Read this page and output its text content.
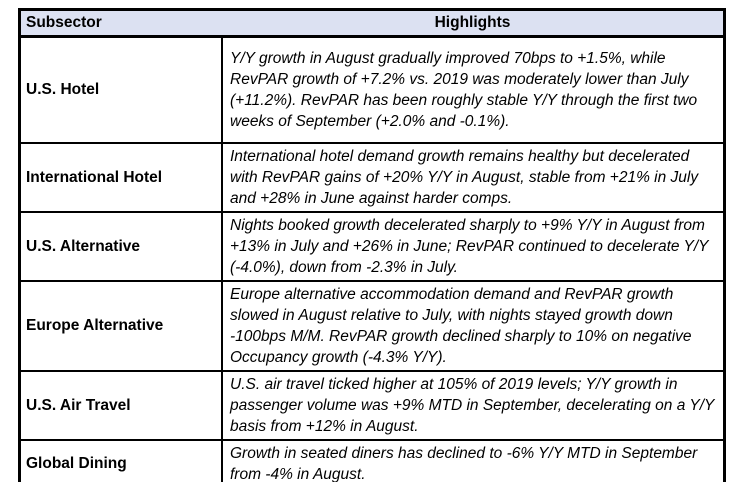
Subsector	Highlights
U.S. Hotel	Y/Y growth in August gradually improved 70bps to +1.5%, while RevPAR growth of +7.2% vs. 2019 was moderately lower than July (+11.2%). RevPAR has been roughly stable Y/Y through the first two weeks of September (+2.0% and -0.1%).
International Hotel	International hotel demand growth remains healthy but decelerated with RevPAR gains of +20% Y/Y in August, stable from +21% in July and +28% in June against harder comps.
U.S. Alternative	Nights booked growth decelerated sharply to +9% Y/Y in August from +13% in July and +26% in June; RevPAR continued to decelerate Y/Y (-4.0%), down from -2.3% in July.
Europe Alternative	Europe alternative accommodation demand and RevPAR growth slowed in August relative to July, with nights stayed growth down -100bps M/M. RevPAR growth declined sharply to 10% on negative Occupancy growth (-4.3% Y/Y).
U.S. Air Travel	U.S. air travel ticked higher at 105% of 2019 levels; Y/Y growth in passenger volume was +9% MTD in September, decelerating on a Y/Y basis from +12% in August.
Global Dining	Growth in seated diners has declined to -6% Y/Y MTD in September from -4% in August.
